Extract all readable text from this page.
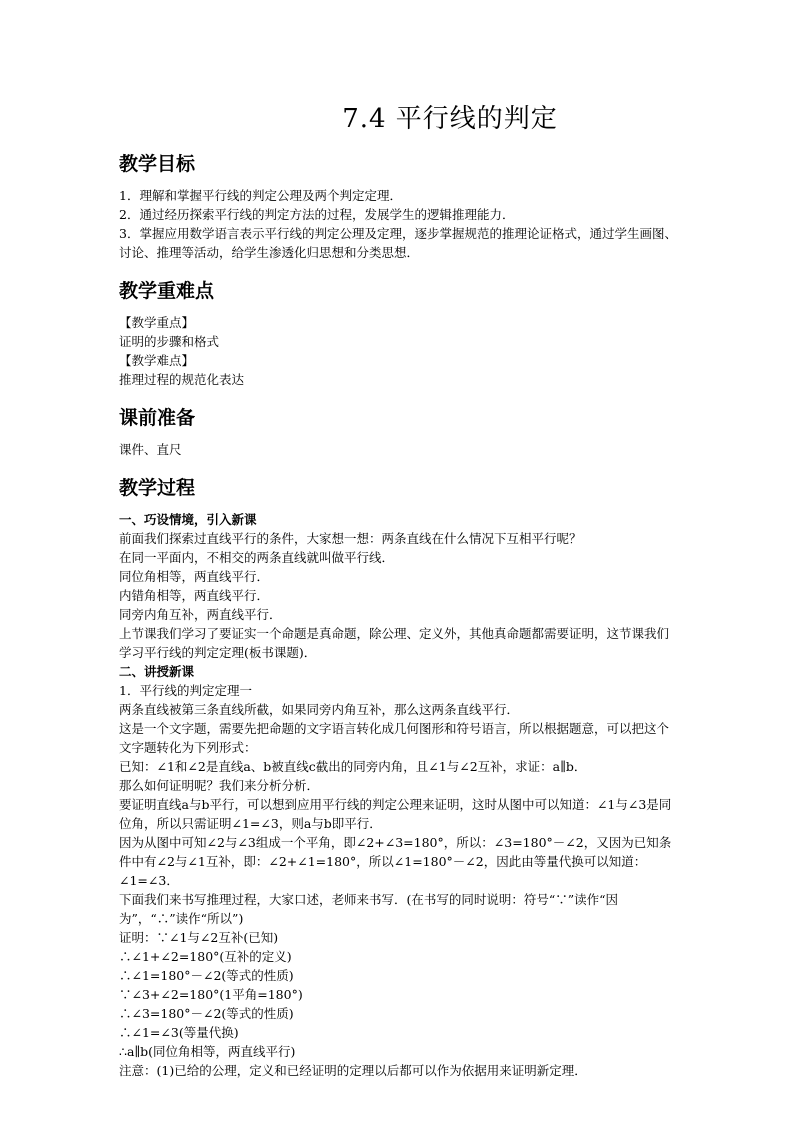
7.4 平行线的判定
教学目标
1．理解和掌握平行线的判定公理及两个判定定理．
2．通过经历探索平行线的判定方法的过程，发展学生的逻辑推理能力．
3．掌握应用数学语言表示平行线的判定公理及定理，逐步掌握规范的推理论证格式，通过学生画图、讨论、推理等活动，给学生渗透化归思想和分类思想．
教学重难点
【教学重点】
证明的步骤和格式
【教学难点】
推理过程的规范化表达
课前准备
课件、直尺
教学过程
一、巧设情境，引入新课
前面我们探索过直线平行的条件，大家想一想：两条直线在什么情况下互相平行呢？
在同一平面内，不相交的两条直线就叫做平行线．
同位角相等，两直线平行．
内错角相等，两直线平行．
同旁内角互补，两直线平行．
上节课我们学习了要证实一个命题是真命题，除公理、定义外，其他真命题都需要证明，这节课我们学习平行线的判定定理(板书课题)．
二、讲授新课
1．平行线的判定定理一
两条直线被第三条直线所截，如果同旁内角互补，那么这两条直线平行．
这是一个文字题，需要先把命题的文字语言转化成几何图形和符号语言，所以根据题意，可以把这个文字题转化为下列形式：
已知：∠1和∠2是直线a、b被直线c截出的同旁内角，且∠1与∠2互补，求证：a∥b．
那么如何证明呢？我们来分析分析．
要证明直线a与b平行，可以想到应用平行线的判定公理来证明，这时从图中可以知道：∠1与∠3是同位角，所以只需证明∠1=∠3，则a与b即平行．
因为从图中可知∠2与∠3组成一个平角，即∠2+∠3=180°，所以：∠3=180°－∠2，又因为已知条件中有∠2与∠1互补，即：∠2+∠1=180°，所以∠1=180°－∠2，因此由等量代换可以知道：∠1=∠3．
下面我们来书写推理过程，大家口述，老师来书写．(在书写的同时说明：符号“∵”读作“因为”，“∴”读作“所以”)
证明：∵∠1与∠2互补(已知)
∴∠1+∠2=180°(互补的定义)
∴∠1=180°－∠2(等式的性质)
∵∠3+∠2=180°(1平角=180°)
∴∠3=180°－∠2(等式的性质)
∴∠1=∠3(等量代换)
∴a∥b(同位角相等，两直线平行)
注意：(1)已给的公理，定义和已经证明的定理以后都可以作为依据用来证明新定理．
